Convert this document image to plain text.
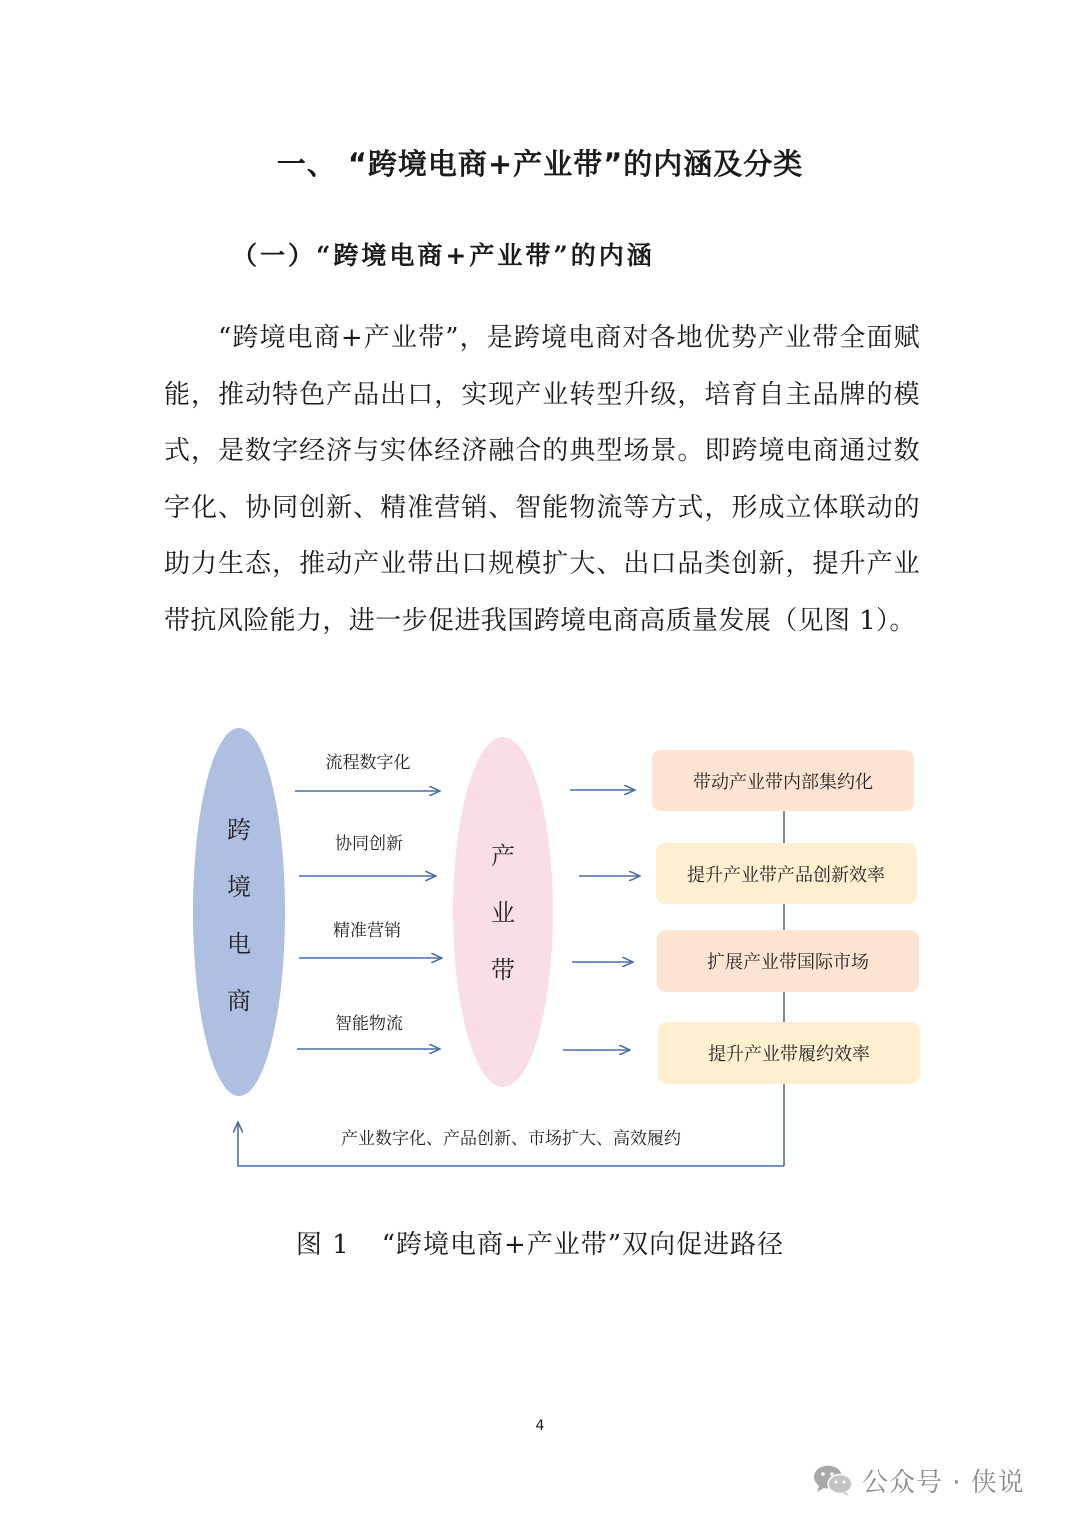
一、 “跨境电商+产业带”的内涵及分类
（一）“跨境电商+产业带”的内涵
“跨境电商+产业带”，是跨境电商对各地优势产业带全面赋能，推动特色产品出口，实现产业转型升级，培育自主品牌的模式，是数字经济与实体经济融合的典型场景。即跨境电商通过数字化、协同创新、精准营销、智能物流等方式，形成立体联动的助力生态，推动产业带出口规模扩大、出口品类创新，提升产业带抗风险能力，进一步促进我国跨境电商高质量发展（见图 1）。
跨
境
电
商
产
业
带
流程数字化
协同创新
精准营销
智能物流
带动产业带内部集约化
提升产业带产品创新效率
扩展产业带国际市场
提升产业带履约效率
产业数字化、产品创新、市场扩大、高效履约
图 1 “跨境电商+产业带”双向促进路径
4
公众号 · 侠说
